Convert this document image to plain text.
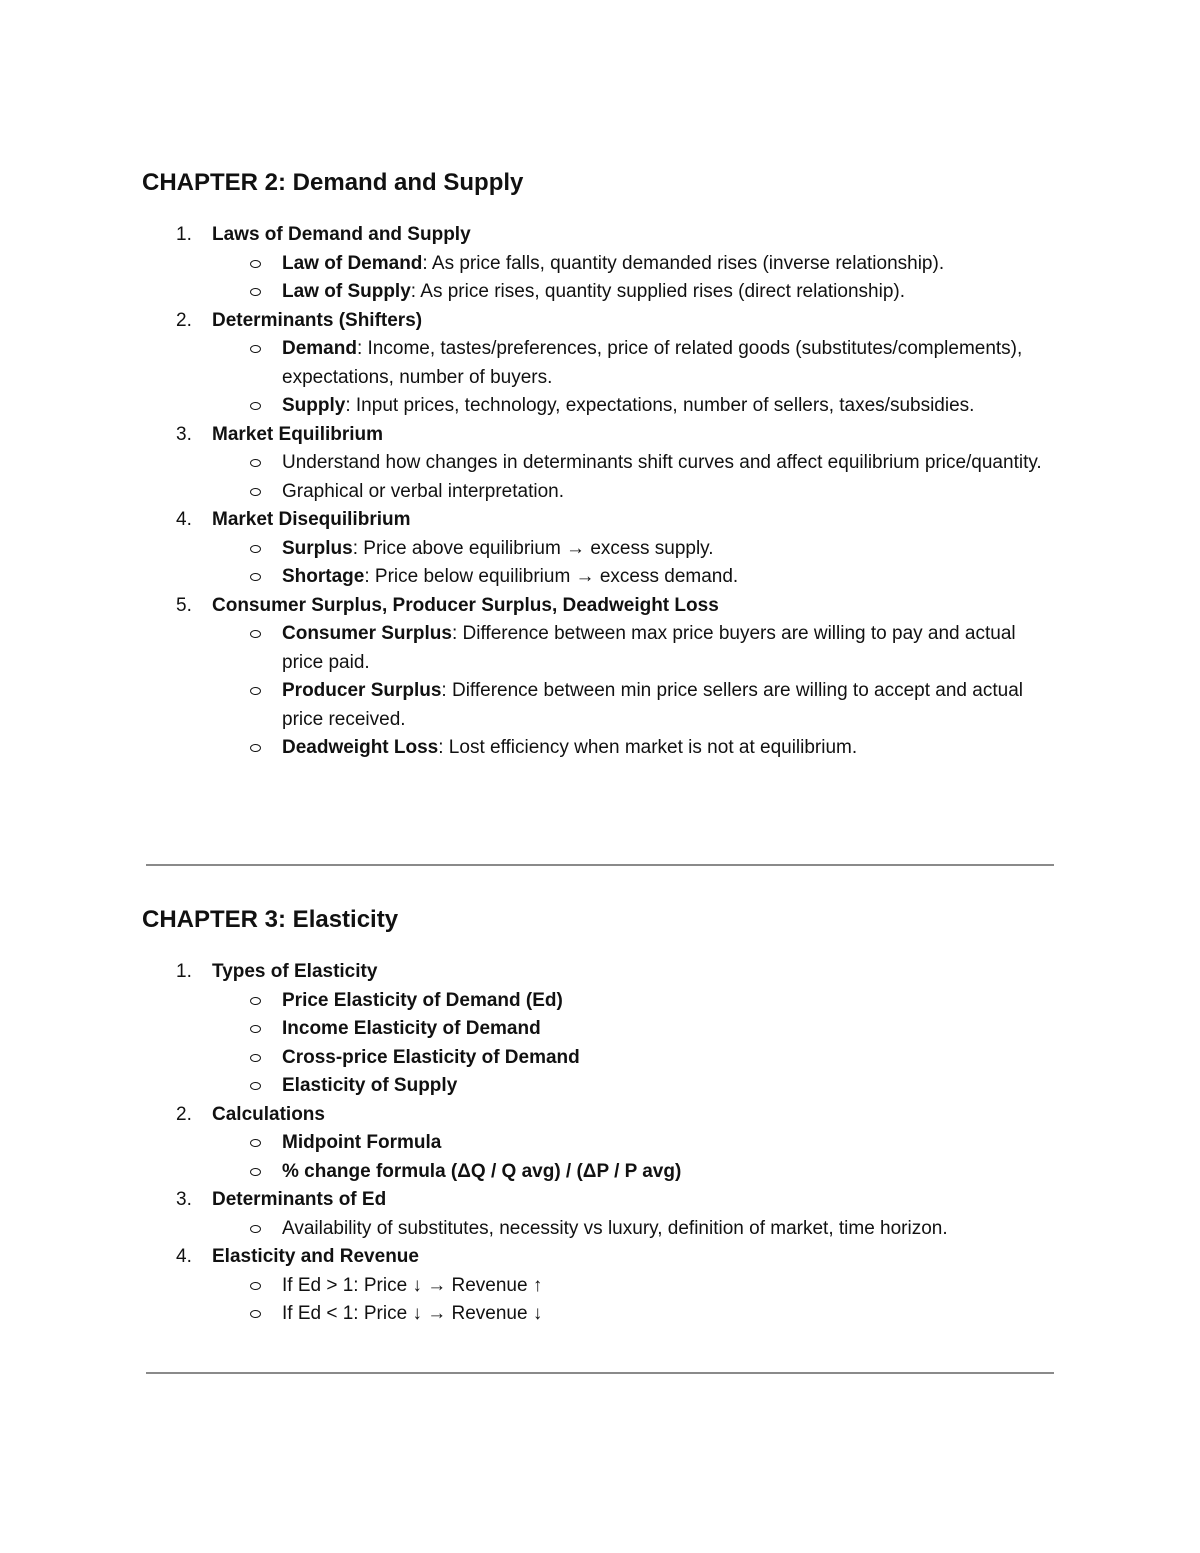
CHAPTER 2: Demand and Supply
1. Laws of Demand and Supply
Law of Demand: As price falls, quantity demanded rises (inverse relationship).
Law of Supply: As price rises, quantity supplied rises (direct relationship).
2. Determinants (Shifters)
Demand: Income, tastes/preferences, price of related goods (substitutes/complements), expectations, number of buyers.
Supply: Input prices, technology, expectations, number of sellers, taxes/subsidies.
3. Market Equilibrium
Understand how changes in determinants shift curves and affect equilibrium price/quantity.
Graphical or verbal interpretation.
4. Market Disequilibrium
Surplus: Price above equilibrium → excess supply.
Shortage: Price below equilibrium → excess demand.
5. Consumer Surplus, Producer Surplus, Deadweight Loss
Consumer Surplus: Difference between max price buyers are willing to pay and actual price paid.
Producer Surplus: Difference between min price sellers are willing to accept and actual price received.
Deadweight Loss: Lost efficiency when market is not at equilibrium.
CHAPTER 3: Elasticity
1. Types of Elasticity
Price Elasticity of Demand (Ed)
Income Elasticity of Demand
Cross-price Elasticity of Demand
Elasticity of Supply
2. Calculations
Midpoint Formula
% change formula (ΔQ / Q avg) / (ΔP / P avg)
3. Determinants of Ed
Availability of substitutes, necessity vs luxury, definition of market, time horizon.
4. Elasticity and Revenue
If Ed > 1: Price ↓ → Revenue ↑
If Ed < 1: Price ↓ → Revenue ↓
